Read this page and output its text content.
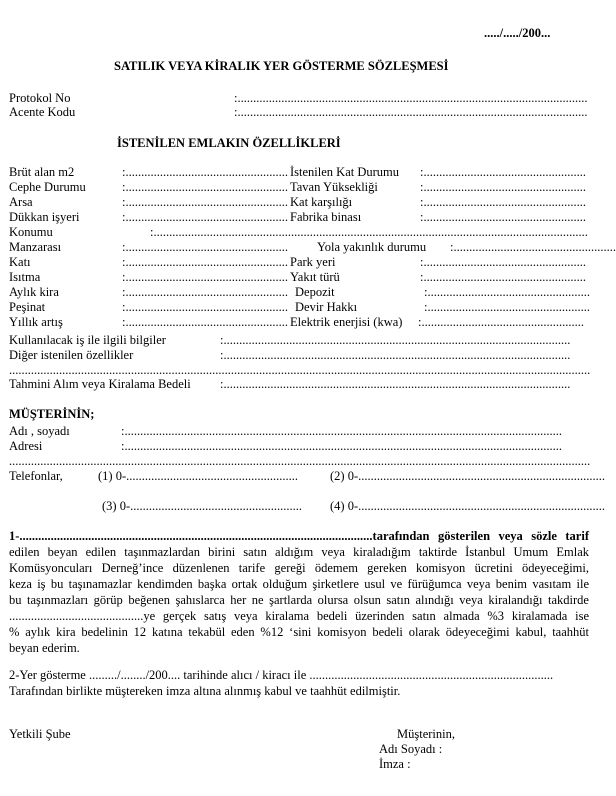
...../...../200...
SATILIK VEYA KİRALIK YER GÖSTERME SÖZLEŞMESİ
Protokol No	:................................................................................................................
Acente Kodu	:................................................................................................................
İSTENİLEN EMLAKIN ÖZELLİKLERİ
Brüt alan m2	:.................................................... İstenilen Kat Durumu :....................................................
Cephe Durumu	:.................................................... Tavan Yüksekliği	:....................................................
Arsa	:.................................................... Kat karşılığı	:....................................................
Dükkan işyeri	:.................................................... Fabrika binası	:....................................................
Konumu	:...........................................................................................................................................
Manzarası	:.................................................... Yola yakınlık durumu :....................................................
Katı	:.................................................... Park yeri	:....................................................
Isıtma	:.................................................... Yakıt türü	:....................................................
Aylık kira	:.................................................... Depozit	:....................................................
Peşinat	:.................................................... Devir Hakkı	:....................................................
Yıllık artış	:.................................................... Elektrik enerjisi (kwa) :....................................................
Kullanılacak iş ile ilgili bilgiler	:...............................................................................................................
Diğer istenilen özellikler	:...............................................................................................................
..........................................................................................................................................................................................
Tahmini Alım veya Kiralama Bedeli :...............................................................................................................
MÜŞTERİNİN;
Adı , soyadı	:............................................................................................................................................
Adresi	:............................................................................................................................................
..........................................................................................................................................................................................
Telefonlar,	(1) 0-.......................................................	(2) 0-...............................................................................
(3) 0-.......................................................	(4) 0-...............................................................................

1-.................................................................................................................tarafından gösterilen veya sözle tarif

edilen beyan edilen taşınmazlardan birini satın aldığım veya kiraladığım taktirde İstanbul Umum Emlak

Komüsyoncuları Derneğ’ince düzenlenen tarife gereği ödemem gereken komisyon ücretini ödeyeceğimi,

keza iş bu taşınamazlar kendimden başka ortak olduğum şirketlere usul ve fürüğumca veya benim vasıtam ile

bu taşınmazları görüp beğenen şahıslarca her ne şartlarda olursa olsun satın alındığı veya kiralandığı takdirde

...........................................ye gerçek satış veya kiralama bedeli üzerinden satın almada %3 kiralamada ise

% aylık kira bedelinin 12 katına tekabül eden %12 ‘sini komisyon bedeli olarak ödeyeceğimi kabul, taahhüt

beyan ederim.

2-Yer gösterme ........./......../200.... tarihinde alıcı / kiracı ile ..............................................................................

Tarafından birlikte müştereken imza altına alınmış kabul ve taahhüt edilmiştir.

Yetkili Şube	Müşterinin,
Adı Soyadı :
İmza :
